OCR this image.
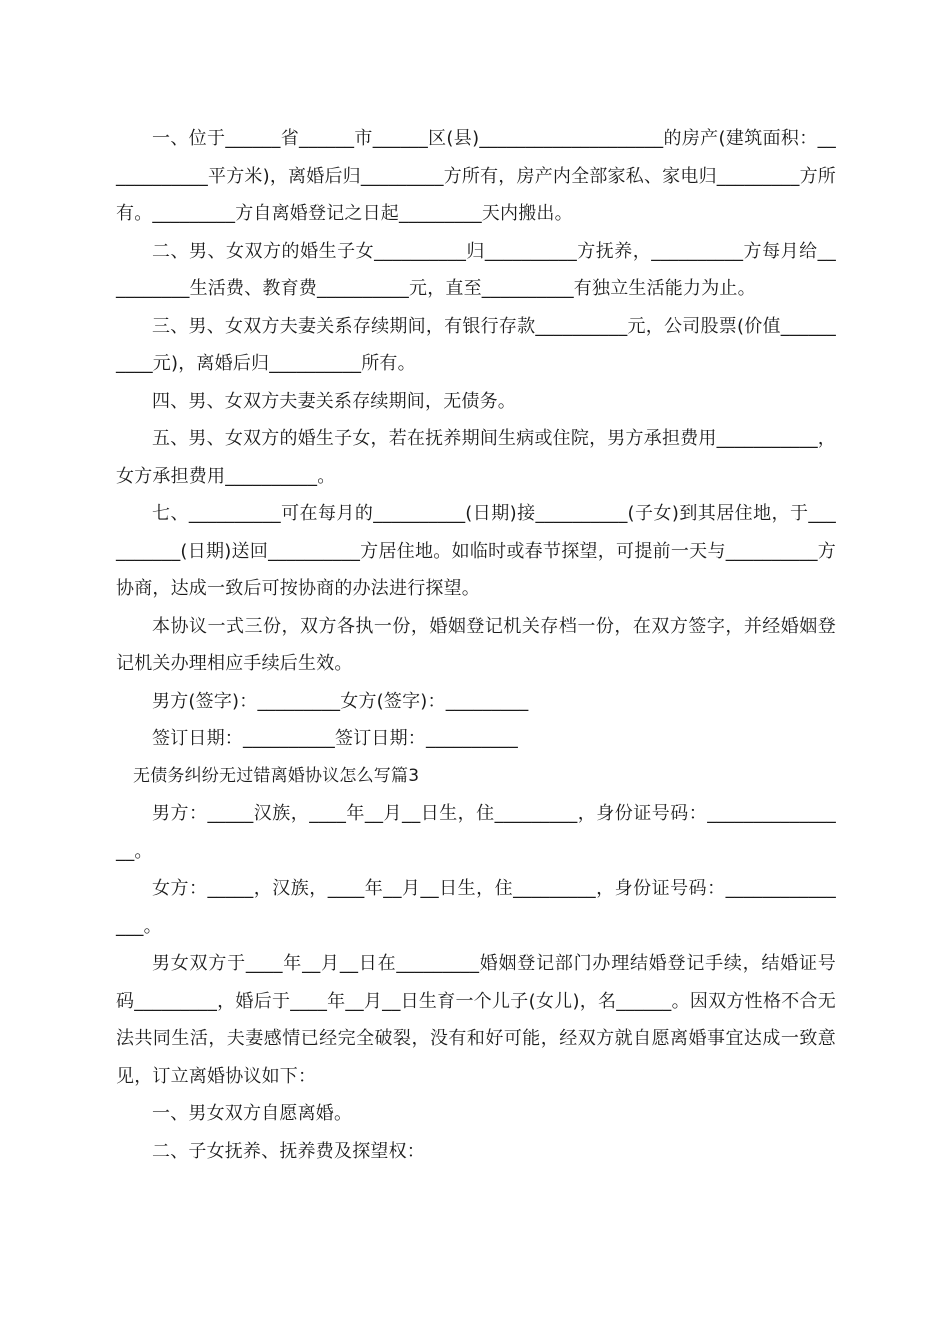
一、位于______省______市______区(县)____________________的房产(建筑面积：____________平方米)，离婚后归_________方所有，房产内全部家私、家电归_________方所有。_________方自离婚登记之日起_________天内搬出。

二、男、女双方的婚生子女__________归__________方抚养，__________方每月给__________生活费、教育费__________元，直至__________有独立生活能力为止。

三、男、女双方夫妻关系存续期间，有银行存款__________元，公司股票(价值__________元)，离婚后归__________所有。

四、男、女双方夫妻关系存续期间，无债务。

五、男、女双方的婚生子女，若在抚养期间生病或住院，男方承担费用___________，女方承担费用__________。

七、__________可在每月的__________(日期)接__________(子女)到其居住地，于__________(日期)送回__________方居住地。如临时或春节探望，可提前一天与__________方协商，达成一致后可按协商的办法进行探望。

本协议一式三份，双方各执一份，婚姻登记机关存档一份，在双方签字，并经婚姻登记机关办理相应手续后生效。

男方(签字)：_________女方(签字)：_________

签订日期：__________签订日期：__________

无债务纠纷无过错离婚协议怎么写篇3

男方：_____汉族，____年__月__日生，住_________，身份证号码：________________。

女方：_____，汉族，____年__月__日生，住_________，身份证号码：_______________。

男女双方于____年__月__日在_________婚姻登记部门办理结婚登记手续，结婚证号码_________，婚后于____年__月__日生育一个儿子(女儿)，名______。因双方性格不合无法共同生活，夫妻感情已经完全破裂，没有和好可能，经双方就自愿离婚事宜达成一致意见，订立离婚协议如下：

一、男女双方自愿离婚。

二、子女抚养、抚养费及探望权：
